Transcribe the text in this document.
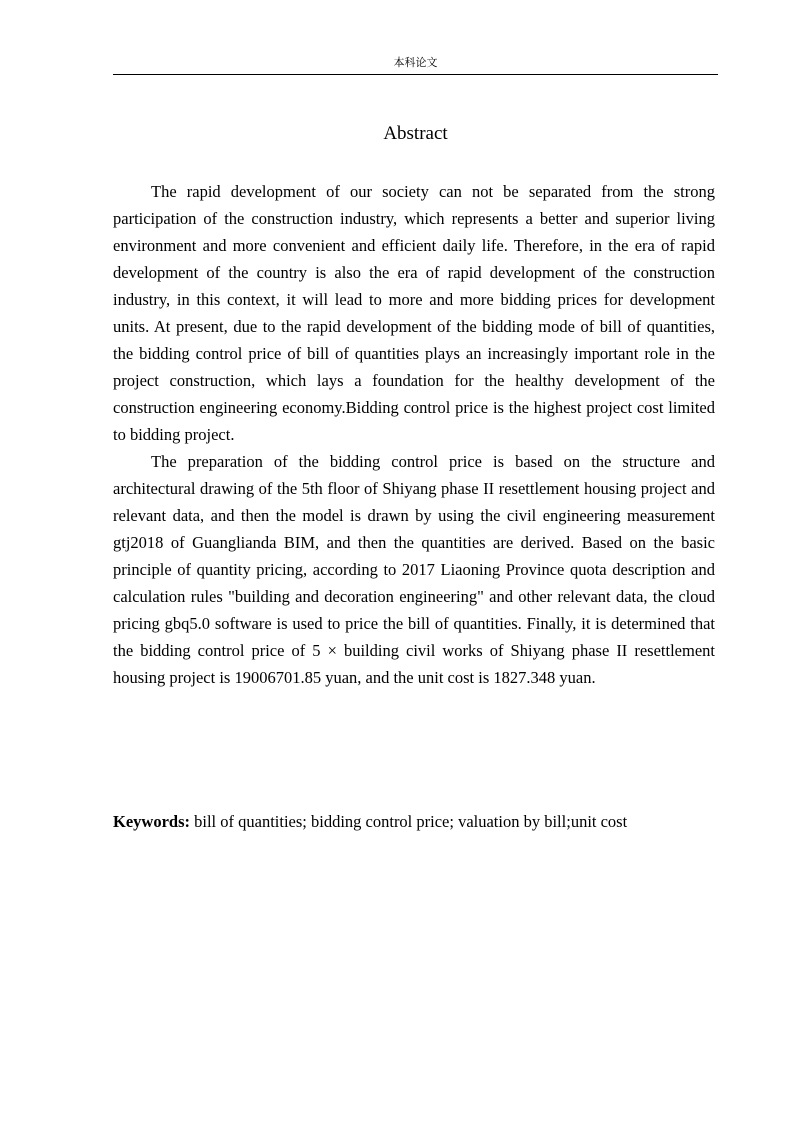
本科论文
Abstract

The rapid development of our society can not be separated from the strong participation of the construction industry, which represents a better and superior living environment and more convenient and efficient daily life. Therefore, in the era of rapid development of the country is also the era of rapid development of the construction industry, in this context, it will lead to more and more bidding prices for development units. At present, due to the rapid development of the bidding mode of bill of quantities, the bidding control price of bill of quantities plays an increasingly important role in the project construction, which lays a foundation for the healthy development of the construction engineering economy.Bidding control price is the highest project cost limited to bidding project.

The preparation of the bidding control price is based on the structure and architectural drawing of the 5th floor of Shiyang phase II resettlement housing project and relevant data, and then the model is drawn by using the civil engineering measurement gtj2018 of Guanglianda BIM, and then the quantities are derived. Based on the basic principle of quantity pricing, according to 2017 Liaoning Province quota description and calculation rules "building and decoration engineering" and other relevant data, the cloud pricing gbq5.0 software is used to price the bill of quantities. Finally, it is determined that the bidding control price of 5 × building civil works of Shiyang phase II resettlement housing project is 19006701.85 yuan, and the unit cost is 1827.348 yuan.

Keywords: bill of quantities; bidding control price; valuation by bill;unit cost
